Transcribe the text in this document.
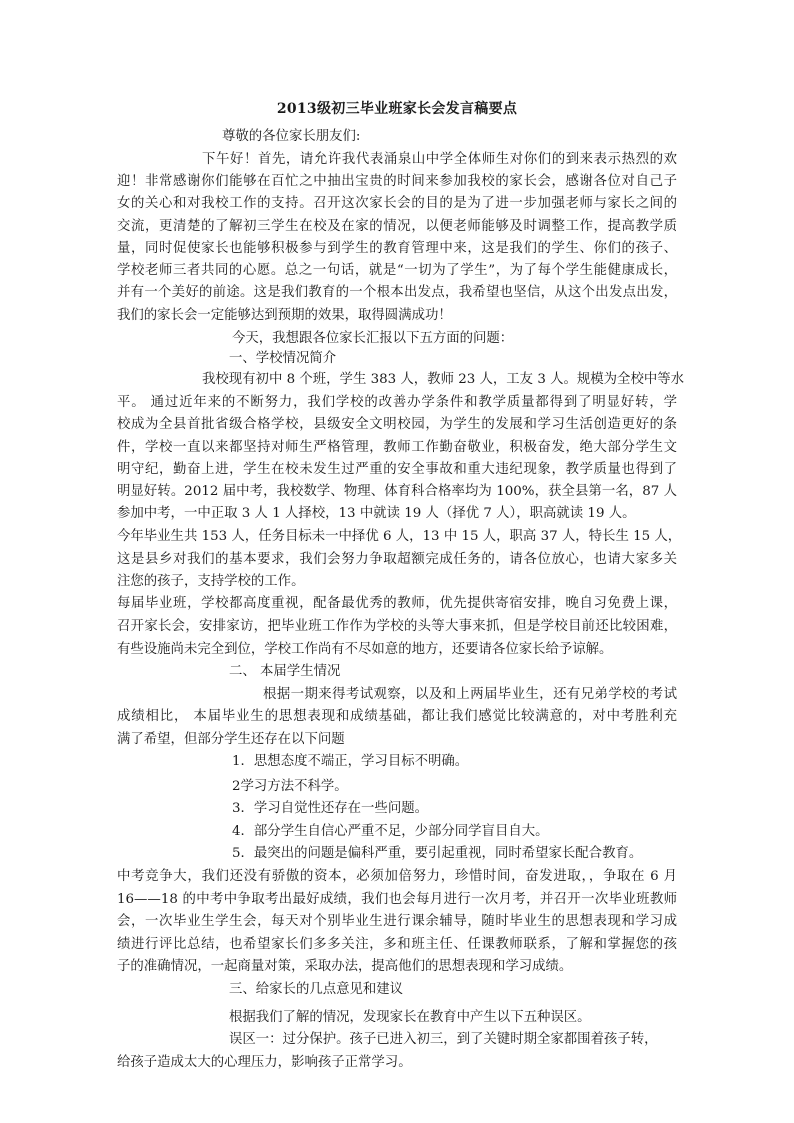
2013级初三毕业班家长会发言稿要点
尊敬的各位家长朋友们:
下午好！首先，请允许我代表涌泉山中学全体师生对你们的到来表示热烈的欢
迎！非常感谢你们能够在百忙之中抽出宝贵的时间来参加我校的家长会，感谢各位对自己子
女的关心和对我校工作的支持。召开这次家长会的目的是为了进一步加强老师与家长之间的
交流，更清楚的了解初三学生在校及在家的情况，以便老师能够及时调整工作，提高教学质
量，同时促使家长也能够积极参与到学生的教育管理中来，这是我们的学生、你们的孩子、
学校老师三者共同的心愿。总之一句话，就是“一切为了学生”，为了每个学生能健康成长，
并有一个美好的前途。这是我们教育的一个根本出发点，我希望也坚信，从这个出发点出发，
我们的家长会一定能够达到预期的效果，取得圆满成功！
今天，我想跟各位家长汇报以下五方面的问题：
一、学校情况简介
我校现有初中 8 个班，学生 383 人，教师 23 人，工友 3 人。规模为全校中等水
平。 通过近年来的不断努力，我们学校的改善办学条件和教学质量都得到了明显好转，学
校成为全县首批省级合格学校，县级安全文明校园，为学生的发展和学习生活创造更好的条
件，学校一直以来都坚持对师生严格管理，教师工作勤奋敬业，积极奋发，绝大部分学生文
明守纪，勤奋上进，学生在校未发生过严重的安全事故和重大违纪现象，教学质量也得到了
明显好转。2012 届中考，我校数学、物理、体育科合格率均为 100%，获全县第一名，87 人
参加中考，一中正取 3 人 1 人择校，13 中就读 19 人（择优 7 人），职高就读 19 人。
今年毕业生共 153 人，任务目标未一中择优 6 人，13 中 15 人，职高 37 人，特长生 15 人，
这是县乡对我们的基本要求，我们会努力争取超额完成任务的，请各位放心，也请大家多关
注您的孩子，支持学校的工作。
每届毕业班，学校都高度重视，配备最优秀的教师，优先提供寄宿安排，晚自习免费上课，
召开家长会，安排家访，把毕业班工作作为学校的头等大事来抓，但是学校目前还比较困难，
有些设施尚未完全到位，学校工作尚有不尽如意的地方，还要请各位家长给予谅解。
二、 本届学生情况
根据一期来得考试观察，以及和上两届毕业生，还有兄弟学校的考试
成绩相比， 本届毕业生的思想表现和成绩基础，都让我们感觉比较满意的，对中考胜利充
满了希望，但部分学生还存在以下问题
1．思想态度不端正，学习目标不明确。
2学习方法不科学。
3．学习自觉性还存在一些问题。
4．部分学生自信心严重不足，少部分同学盲目自大。
5．最突出的问题是偏科严重，要引起重视，同时希望家长配合教育。
中考竞争大，我们还没有骄傲的资本，必须加倍努力，珍惜时间，奋发进取，，争取在 6 月
16——18 的中考中争取考出最好成绩，我们也会每月进行一次月考，并召开一次毕业班教师
会，一次毕业生学生会，每天对个别毕业生进行课余辅导，随时毕业生的思想表现和学习成
绩进行评比总结，也希望家长们多多关注，多和班主任、任课教师联系，了解和掌握您的孩
子的准确情况，一起商量对策，采取办法，提高他们的思想表现和学习成绩。
三、给家长的几点意见和建议
根据我们了解的情况，发现家长在教育中产生以下五种误区。
误区一：过分保护。孩子已进入初三，到了关键时期全家都围着孩子转，
给孩子造成太大的心理压力，影响孩子正常学习。
